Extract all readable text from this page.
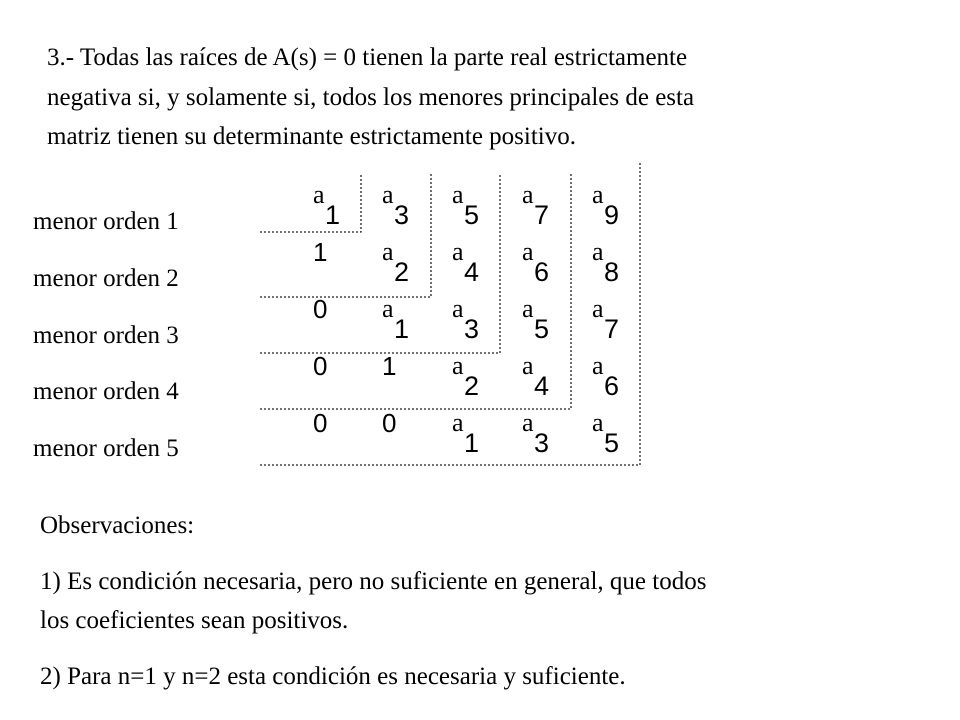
3.- Todas las raíces de A(s) = 0 tienen la parte real estrictamente
negativa si, y solamente si, todos los menores principales de esta
matriz tienen su determinante estrictamente positivo.
menor orden 1
menor orden 2
menor orden 3
menor orden 4
menor orden 5
a
1
a
3
a
5
a
7
a
9
1 a
2
a
4
a
6
a
8
0 a
1
a
3
a
5
a
7
0 1 a
2
a
4
a
6
0 0 a
1
a
3
a
5
Observaciones:
1) Es condición necesaria, pero no suficiente en general, que todos
los coeficientes sean positivos.
2) Para n=1 y n=2 esta condición es necesaria y suficiente.
